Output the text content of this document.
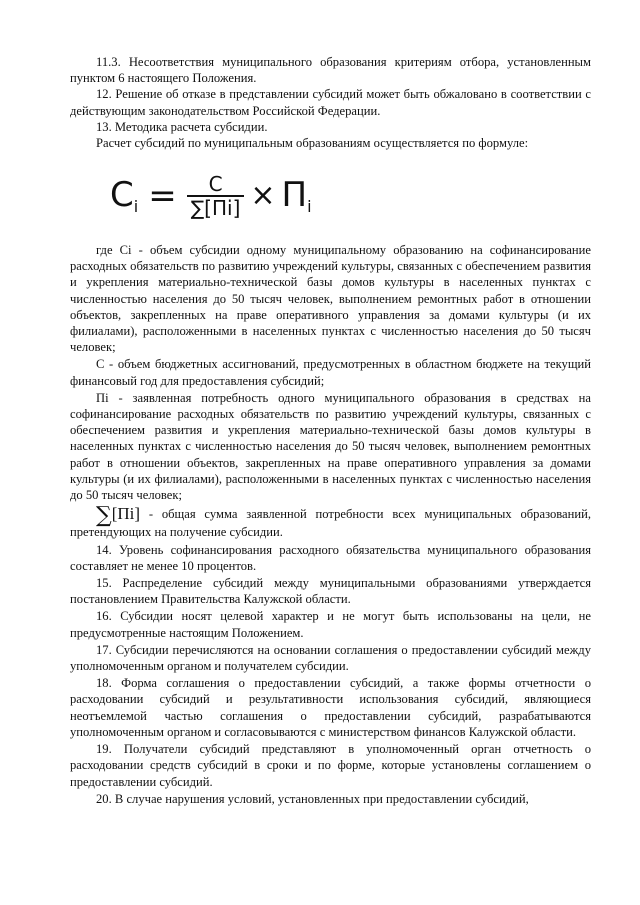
11.3. Несоответствия муниципального образования критериям отбора, установленным пунктом 6 настоящего Положения.

12. Решение об отказе в представлении субсидий может быть обжаловано в соответствии с действующим законодательством Российской Федерации.

13. Методика расчета субсидии.

Расчет субсидий по муниципальным образованиям осуществляется по формуле:

$C_i = \frac{C}{\sum[Пi]} \times П_i$

где Ci - объем субсидии одному муниципальному образованию на софинансирование расходных обязательств по развитию учреждений культуры, связанных с обеспечением развития и укрепления материально-технической базы домов культуры в населенных пунктах с численностью населения до 50 тысяч человек, выполнением ремонтных работ в отношении объектов, закрепленных на праве оперативного управления за домами культуры (и их филиалами), расположенными в населенных пунктах с численностью населения до 50 тысяч человек;

С - объем бюджетных ассигнований, предусмотренных в областном бюджете на текущий финансовый год для предоставления субсидий;

Пi - заявленная потребность одного муниципального образования в средствах на софинансирование расходных обязательств по развитию учреждений культуры, связанных с обеспечением развития и укрепления материально-технической базы домов культуры в населенных пунктах с численностью населения до 50 тысяч человек, выполнением ремонтных работ в отношении объектов, закрепленных на праве оперативного управления за домами культуры (и их филиалами), расположенными в населенных пунктах с численностью населения до 50 тысяч человек;

∑[Пi] - общая сумма заявленной потребности всех муниципальных образований, претендующих на получение субсидии.

14. Уровень софинансирования расходного обязательства муниципального образования составляет не менее 10 процентов.

15. Распределение субсидий между муниципальными образованиями утверждается постановлением Правительства Калужской области.

16. Субсидии носят целевой характер и не могут быть использованы на цели, не предусмотренные настоящим Положением.

17. Субсидии перечисляются на основании соглашения о предоставлении субсидий между уполномоченным органом и получателем субсидии.

18. Форма соглашения о предоставлении субсидий, а также формы отчетности о расходовании субсидий и результативности использования субсидий, являющиеся неотъемлемой частью соглашения о предоставлении субсидий, разрабатываются уполномоченным органом и согласовываются с министерством финансов Калужской области.

19. Получатели субсидий представляют в уполномоченный орган отчетность о расходовании средств субсидий в сроки и по форме, которые установлены соглашением о предоставлении субсидий.

20. В случае нарушения условий, установленных при предоставлении субсидий,
